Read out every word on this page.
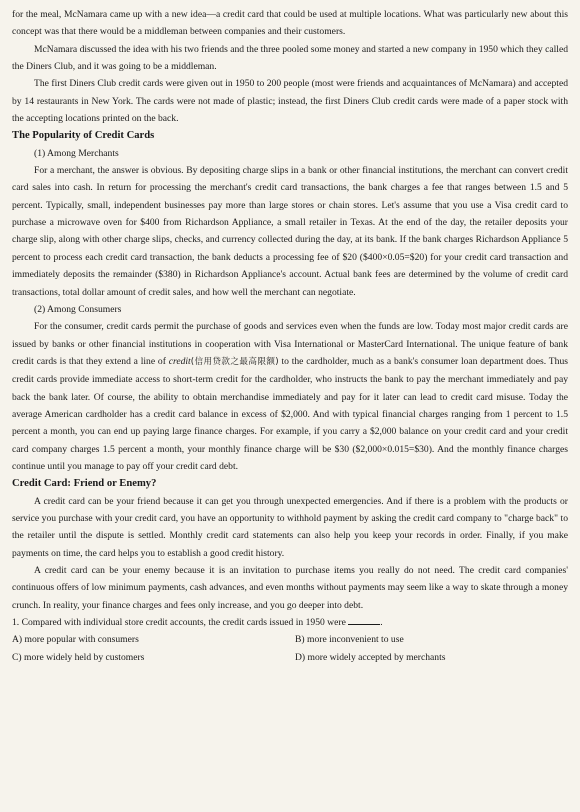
for the meal, McNamara came up with a new idea—a credit card that could be used at multiple locations. What was particularly new about this concept was that there would be a middleman between companies and their customers.

McNamara discussed the idea with his two friends and the three pooled some money and started a new company in 1950 which they called the Diners Club, and it was going to be a middleman.

The first Diners Club credit cards were given out in 1950 to 200 people (most were friends and acquaintances of McNamara) and accepted by 14 restaurants in New York. The cards were not made of plastic; instead, the first Diners Club credit cards were made of a paper stock with the accepting locations printed on the back.

The Popularity of Credit Cards

(1) Among Merchants

For a merchant, the answer is obvious. By depositing charge slips in a bank or other financial institutions, the merchant can convert credit card sales into cash. In return for processing the merchant's credit card transactions, the bank charges a fee that ranges between 1.5 and 5 percent. Typically, small, independent businesses pay more than large stores or chain stores. Let's assume that you use a Visa credit card to purchase a microwave oven for $400 from Richardson Appliance, a small retailer in Texas. At the end of the day, the retailer deposits your charge slip, along with other charge slips, checks, and currency collected during the day, at its bank. If the bank charges Richardson Appliance 5 percent to process each credit card transaction, the bank deducts a processing fee of $20 ($400×0.05=$20) for your credit card transaction and immediately deposits the remainder ($380) in Richardson Appliance's account. Actual bank fees are determined by the volume of credit card transactions, total dollar amount of credit sales, and how well the merchant can negotiate.

(2) Among Consumers

For the consumer, credit cards permit the purchase of goods and services even when the funds are low. Today most major credit cards are issued by banks or other financial institutions in cooperation with Visa International or MasterCard International. The unique feature of bank credit cards is that they extend a line of credit(信用贷款之最高限额) to the cardholder, much as a bank's consumer loan department does. Thus credit cards provide immediate access to short-term credit for the cardholder, who instructs the bank to pay the merchant immediately and pay back the bank later. Of course, the ability to obtain merchandise immediately and pay for it later can lead to credit card misuse. Today the average American cardholder has a credit card balance in excess of $2,000. And with typical financial charges ranging from 1 percent to 1.5 percent a month, you can end up paying large finance charges. For example, if you carry a $2,000 balance on your credit card and your credit card company charges 1.5 percent a month, your monthly finance charge will be $30 ($2,000×0.015=$30). And the monthly finance charges continue until you manage to pay off your credit card debt.

Credit Card: Friend or Enemy?

A credit card can be your friend because it can get you through unexpected emergencies. And if there is a problem with the products or service you purchase with your credit card, you have an opportunity to withhold payment by asking the credit card company to "charge back" to the retailer until the dispute is settled. Monthly credit card statements can also help you keep your records in order. Finally, if you make payments on time, the card helps you to establish a good credit history.

A credit card can be your enemy because it is an invitation to purchase items you really do not need. The credit card companies' continuous offers of low minimum payments, cash advances, and even months without payments may seem like a way to skate through a money crunch. In reality, your finance charges and fees only increase, and you go deeper into debt.

1. Compared with individual store credit accounts, the credit cards issued in 1950 were	.

A) more popular with consumers	B) more inconvenient to use

C) more widely held by customers	D) more widely accepted by merchants
